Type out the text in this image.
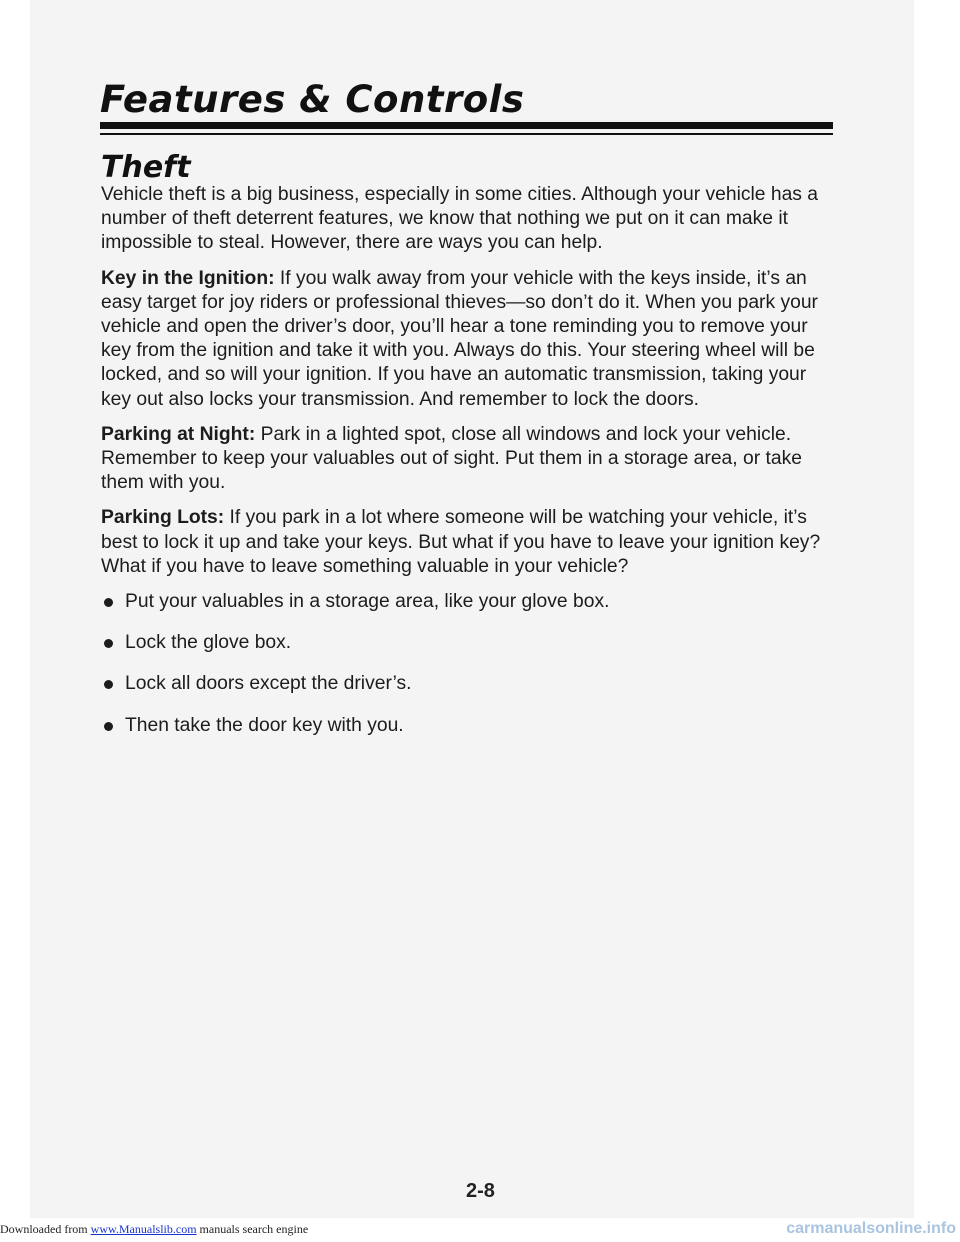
Features & Controls
Theft

Vehicle theft is a big business, especially in some cities. Although your vehicle has a number of theft deterrent features, we know that nothing we put on it can make it impossible to steal. However, there are ways you can help.

Key in the Ignition: If you walk away from your vehicle with the keys inside, it’s an easy target for joy riders or professional thieves—so don’t do it. When you park your vehicle and open the driver’s door, you’ll hear a tone reminding you to remove your key from the ignition and take it with you. Always do this. Your steering wheel will be locked, and so will your ignition. If you have an automatic transmission, taking your key out also locks your transmission. And remember to lock the doors.

Parking at Night: Park in a lighted spot, close all windows and lock your vehicle. Remember to keep your valuables out of sight. Put them in a storage area, or take them with you.

Parking Lots: If you park in a lot where someone will be watching your vehicle, it’s best to lock it up and take your keys. But what if you have to leave your ignition key? What if you have to leave something valuable in your vehicle?

Put your valuables in a storage area, like your glove box.
Lock the glove box.
Lock all doors except the driver’s.
Then take the door key with you.
2-8
Downloaded from www.Manualslib.com manuals search engine	carmanualsonline.info
